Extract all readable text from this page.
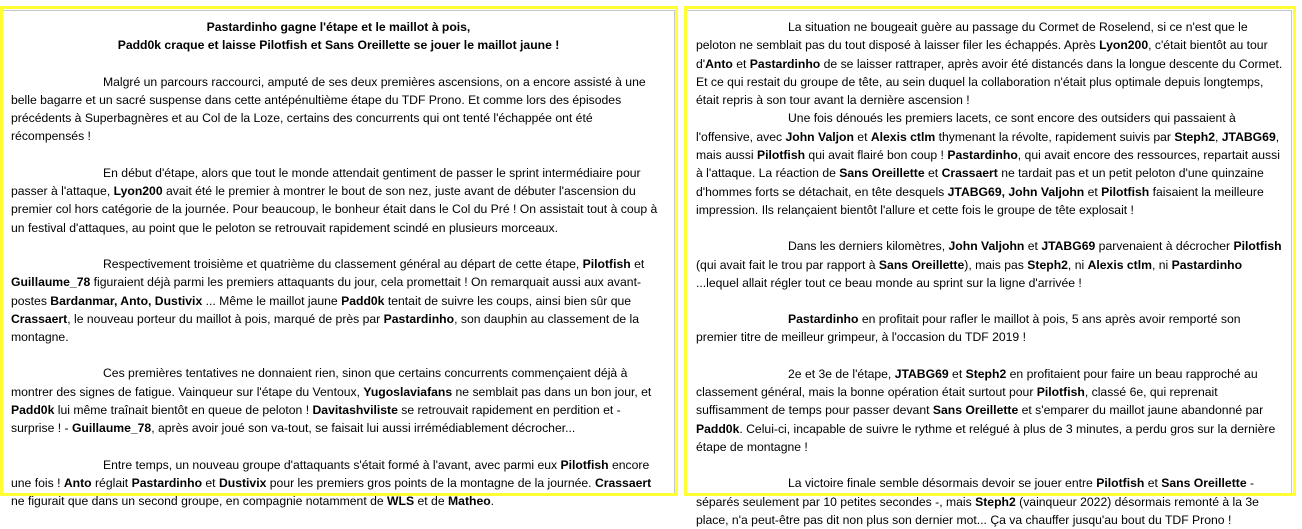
Pastardinho gagne l'étape et le maillot à pois,
Padd0k craque et laisse Pilotfish et Sans Oreillette se jouer le maillot jaune !

Malgré un parcours raccourci, amputé de ses deux premières ascensions, on a encore assisté à une belle bagarre et un sacré suspense dans cette antépénultième étape du TDF Prono. Et comme lors des épisodes précédents à Superbagnères et au Col de la Loze, certains des concurrents qui ont tenté l'échappée ont été récompensés !

En début d'étape, alors que tout le monde attendait gentiment de passer le sprint intermédiaire pour passer à l'attaque, Lyon200 avait été le premier à montrer le bout de son nez, juste avant de débuter l'ascension du premier col hors catégorie de la journée. Pour beaucoup, le bonheur était dans le Col du Pré ! On assistait tout à coup à un festival d'attaques, au point que le peloton se retrouvait rapidement scindé en plusieurs morceaux.

Respectivement troisième et quatrième du classement général au départ de cette étape, Pilotfish et Guillaume_78 figuraient déjà parmi les premiers attaquants du jour, cela promettait ! On remarquait aussi aux avant-postes Bardanmar, Anto, Dustivix ... Même le maillot jaune Padd0k tentait de suivre les coups, ainsi bien sûr que Crassaert, le nouveau porteur du maillot à pois, marqué de près par Pastardinho, son dauphin au classement de la montagne.

Ces premières tentatives ne donnaient rien, sinon que certains concurrents commençaient déjà à montrer des signes de fatigue. Vainqueur sur l'étape du Ventoux, Yugoslaviafans ne semblait pas dans un bon jour, et Padd0k lui même traînait bientôt en queue de peloton ! Davitashviliste se retrouvait rapidement en perdition et - surprise ! - Guillaume_78, après avoir joué son va-tout, se faisait lui aussi irrémédiablement décrocher...

Entre temps, un nouveau groupe d'attaquants s'était formé à l'avant, avec parmi eux Pilotfish encore une fois ! Anto réglait Pastardinho et Dustivix pour les premiers gros points de la montagne de la journée. Crassaert ne figurait que dans un second groupe, en compagnie notamment de WLS et de Matheo.

La situation ne bougeait guère au passage du Cormet de Roselend, si ce n'est que le peloton ne semblait pas du tout disposé à laisser filer les échappés. Après Lyon200, c'était bientôt au tour d'Anto et Pastardinho de se laisser rattraper, après avoir été distancés dans la longue descente du Cormet. Et ce qui restait du groupe de tête, au sein duquel la collaboration n'était plus optimale depuis longtemps, était repris à son tour avant la dernière ascension !

Une fois dénoués les premiers lacets, ce sont encore des outsiders qui passaient à l'offensive, avec John Valjon et Alexis ctlm thymenant la révolte, rapidement suivis par Steph2, JTABG69, mais aussi Pilotfish qui avait flairé bon coup ! Pastardinho, qui avait encore des ressources, repartait aussi à l'attaque. La réaction de Sans Oreillette et Crassaert ne tardait pas et un petit peloton d'une quinzaine d'hommes forts se détachait, en tête desquels JTABG69, John Valjohn et Pilotfish faisaient la meilleure impression. Ils relançaient bientôt l'allure et cette fois le groupe de tête explosait !

Dans les derniers kilomètres, John Valjohn et JTABG69 parvenaient à décrocher Pilotfish (qui avait fait le trou par rapport à Sans Oreillette), mais pas Steph2, ni Alexis ctlm, ni Pastardinho ...lequel allait régler tout ce beau monde au sprint sur la ligne d'arrivée !

Pastardinho en profitait pour rafler le maillot à pois, 5 ans après avoir remporté son premier titre de meilleur grimpeur, à l'occasion du TDF 2019 !

2e et 3e de l'étape, JTABG69 et Steph2 en profitaient pour faire un beau rapproché au classement général, mais la bonne opération était surtout pour Pilotfish, classé 6e, qui reprenait suffisamment de temps pour passer devant Sans Oreillette et s'emparer du maillot jaune abandonné par Padd0k. Celui-ci, incapable de suivre le rythme et relégué à plus de 3 minutes, a perdu gros sur la dernière étape de montagne !

La victoire finale semble désormais devoir se jouer entre Pilotfish et Sans Oreillette - séparés seulement par 10 petites secondes -, mais Steph2 (vainqueur 2022) désormais remonté à la 3e place, n'a peut-être pas dit non plus son dernier mot... Ça va chauffer jusqu'au bout du TDF Prono !
